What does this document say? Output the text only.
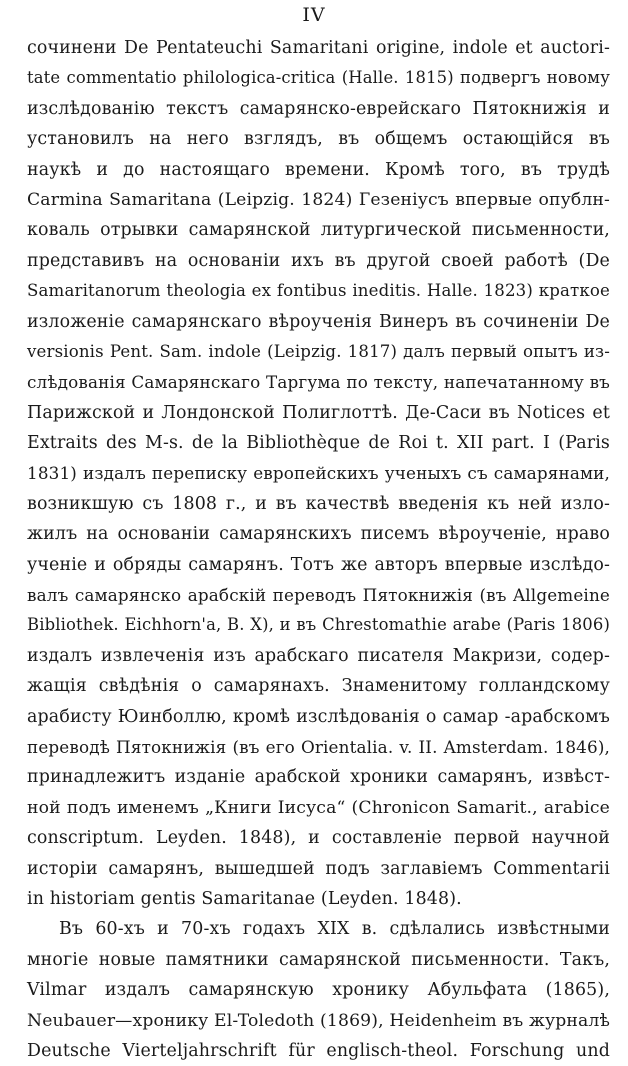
IV
сочинени De Pentateuchi Samaritani origine, indole et auctori-
tate commentatio philologica-critica (Halle. 1815) подвергъ новому
изслѣдованію текстъ самарянско-еврейскаго Пятокнижія и
установилъ на него взглядъ, въ общемъ остающійся въ
наукѣ и до настоящаго времени. Кромѣ того, въ трудѣ
Carmina Samaritana (Leipzig. 1824) Гезеніусъ впервые опублн-
коваль отрывки самарянской литургической письменности,
представивъ на основаніи ихъ въ другой своей работѣ (De
Samaritanorum theologia ex fontibus ineditis. Halle. 1823) краткое
изложеніе самарянскаго вѣроученія Винеръ въ сочиненіи De
versionis Pent. Sam. indole (Leipzig. 1817) далъ первый опытъ из-
слѣдованія Самарянскаго Таргума по тексту, напечатанному въ
Парижской и Лондонской Полиглоттѣ. Де-Саси въ Notices et
Extraits des M-s. de la Bibliothèque de Roi t. XII part. I (Paris
1831) издалъ переписку европейскихъ ученыхъ съ самарянами,
возникшую съ 1808 г., и въ качествѣ введенія къ ней изло-
жилъ на основаніи самарянскихъ писемъ вѣроученіе, нравo
ученіе и обряды самарянъ. Тотъ же авторъ впервые изслѣдо-
валъ самарянско арабскій переводъ Пятокнижія (въ Allgemeine
Bibliothek. Eichhorn'a, B. X), и въ Chrestomathie arabe (Paris 1806)
издалъ извлеченія изъ арабскаго писателя Макризи, содер-
жащія свѣдѣнія о самарянахъ. Знаменитому голландскому
арабисту Юинболлю, кромѣ изслѣдованія о самар -арабскомъ
переводѣ Пятокнижія (въ его Orientalia. v. II. Amsterdam. 1846),
принадлежитъ изданіе арабской хроники самарянъ, извѣст-
ной подъ именемъ „Книги Іисуса“ (Chronicon Samarit., arabice
conscriptum. Leyden. 1848), и составленіе первой научной
исторіи самарянъ, вышедшей подъ заглавіемъ Commentarii
in historiam gentis Samaritanae (Leyden. 1848).
Въ 60-хъ и 70-хъ годахъ XIX в. сдѣлались извѣстными
многіе новые памятники самарянской письменности. Такъ,
Vilmar издалъ самарянскую хронику Абульфата (1865),
Neubauer—хронику El-Toledoth (1869), Heidenheim въ журналѣ
Deutsche Vierteljahrschrift für englisch-theol. Forschung und
